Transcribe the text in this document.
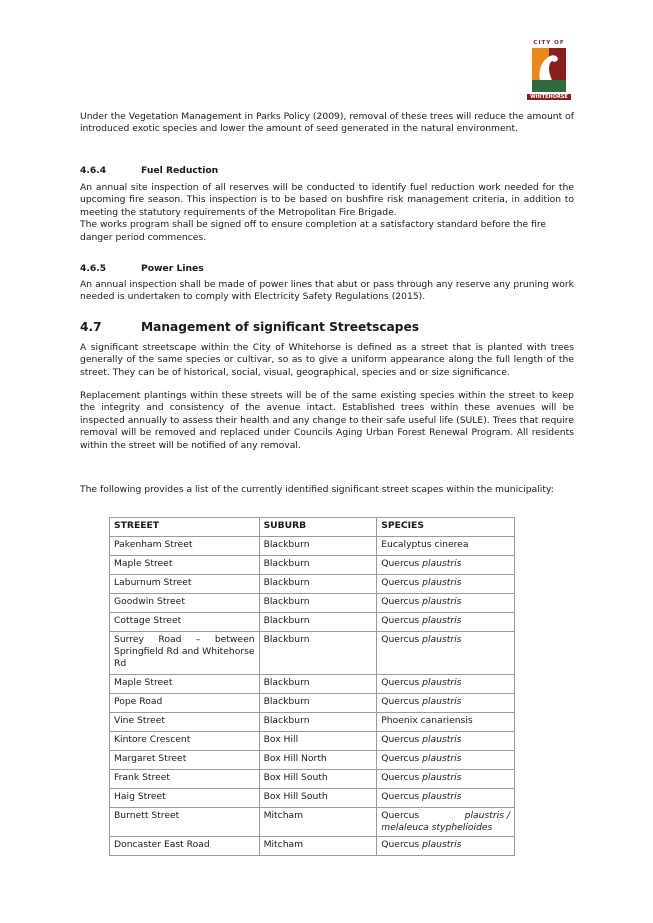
CITY OF
WHITEHORSE

Under the Vegetation Management in Parks Policy (2009), removal of these trees will reduce the amount of introduced exotic species and lower the amount of seed generated in the natural environment.

4.6.4	Fuel Reduction

An annual site inspection of all reserves will be conducted to identify fuel reduction work needed for the upcoming fire season. This inspection is to be based on bushfire risk management criteria, in addition to meeting the statutory requirements of the Metropolitan Fire Brigade.

The works program shall be signed off to ensure completion at a satisfactory standard before the fire danger period commences.

4.6.5	Power Lines

An annual inspection shall be made of power lines that abut or pass through any reserve any pruning work needed is undertaken to comply with Electricity Safety Regulations (2015).

4.7	Management of significant Streetscapes

A significant streetscape within the City of Whitehorse is defined as a street that is planted with trees generally of the same species or cultivar, so as to give a uniform appearance along the full length of the street. They can be of historical, social, visual, geographical, species and or size significance.

Replacement plantings within these streets will be of the same existing species within the street to keep the integrity and consistency of the avenue intact. Established trees within these avenues will be inspected annually to assess their health and any change to their safe useful life (SULE). Trees that require removal will be removed and replaced under Councils Aging Urban Forest Renewal Program. All residents within the street will be notified of any removal.

The following provides a list of the currently identified significant street scapes within the municipality:

STREEET	SUBURB	SPECIES
Pakenham Street	Blackburn	Eucalyptus cinerea
Maple Street	Blackburn	Quercus plaustris
Laburnum Street	Blackburn	Quercus plaustris
Goodwin Street	Blackburn	Quercus plaustris
Cottage Street	Blackburn	Quercus plaustris
Surrey Road – between Springfield Rd and Whitehorse Rd	Blackburn	Quercus plaustris
Maple Street	Blackburn	Quercus plaustris
Pope Road	Blackburn	Quercus plaustris
Vine Street	Blackburn	Phoenix canariensis
Kintore Crescent	Box Hill	Quercus plaustris
Margaret Street	Box Hill North	Quercus plaustris
Frank Street	Box Hill South	Quercus plaustris
Haig Street	Box Hill South	Quercus plaustris
Burnett Street	Mitcham	Quercus plaustris /
melaleuca styphelioides
Doncaster East Road	Mitcham	Quercus plaustris
